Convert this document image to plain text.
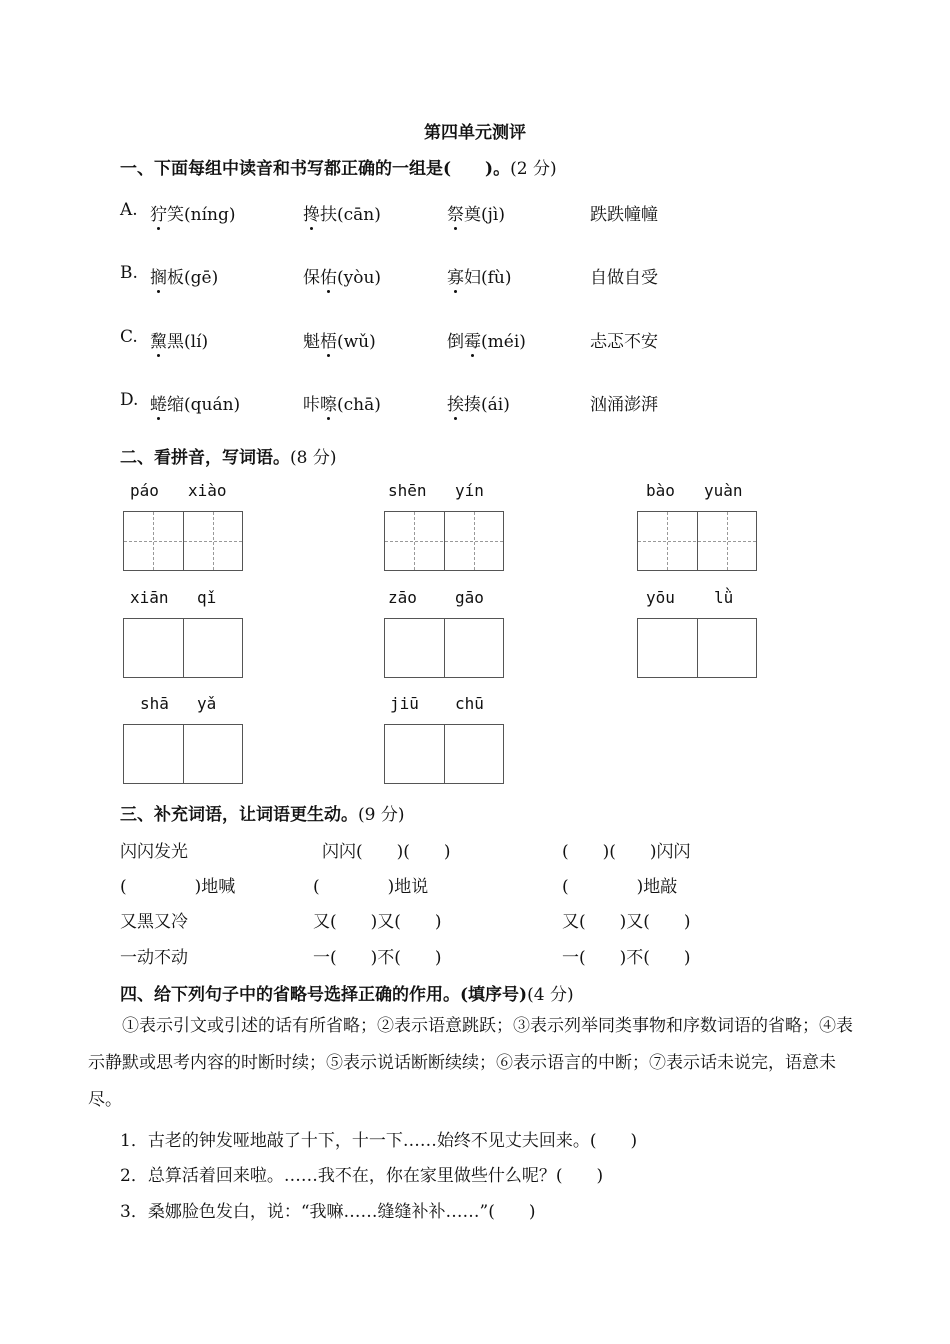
第四单元测评
一、下面每组中读音和书写都正确的一组是(　　)。(2 分)
A. 狞笑(níng)	搀扶(cān)	祭奠(jì)	跌跌幢幢
B. 搁板(gē)	保佑(yòu)	寡妇(fù)	自做自受
C. 黧黑(lí)	魁梧(wǔ)	倒霉(méi)	忐忑不安
D. 蜷缩(quán)	咔嚓(chā)	挨揍(ái)	汹涌澎湃
二、看拼音，写词语。(8 分)
páo xiào	shēn yín	bào yuàn
xiān qǐ	zāo gāo	yōu lǜ
shā yǎ	jiū chū
三、补充词语，让词语更生动。(9 分)
闪闪发光	闪闪(　　)(　　)	(　　)(　　)闪闪
(　　　　)地喊	(　　　　)地说	(　　　　)地敲
又黑又冷	又(　　)又(　　)	又(　　)又(　　)
一动不动	一(　　)不(　　)	一(　　)不(　　)
四、给下列句子中的省略号选择正确的作用。(填序号)(4 分)
①表示引文或引述的话有所省略；②表示语意跳跃；③表示列举同类事物和序数词语的省略；④表示静默或思考内容的时断时续；⑤表示说话断断续续；⑥表示语言的中断；⑦表示话未说完，语意未尽。
1．古老的钟发哑地敲了十下，十一下……始终不见丈夫回来。(　　)
2．总算活着回来啦。……我不在，你在家里做些什么呢？(　　)
3．桑娜脸色发白，说：“我嘛……缝缝补补……”(　　)
